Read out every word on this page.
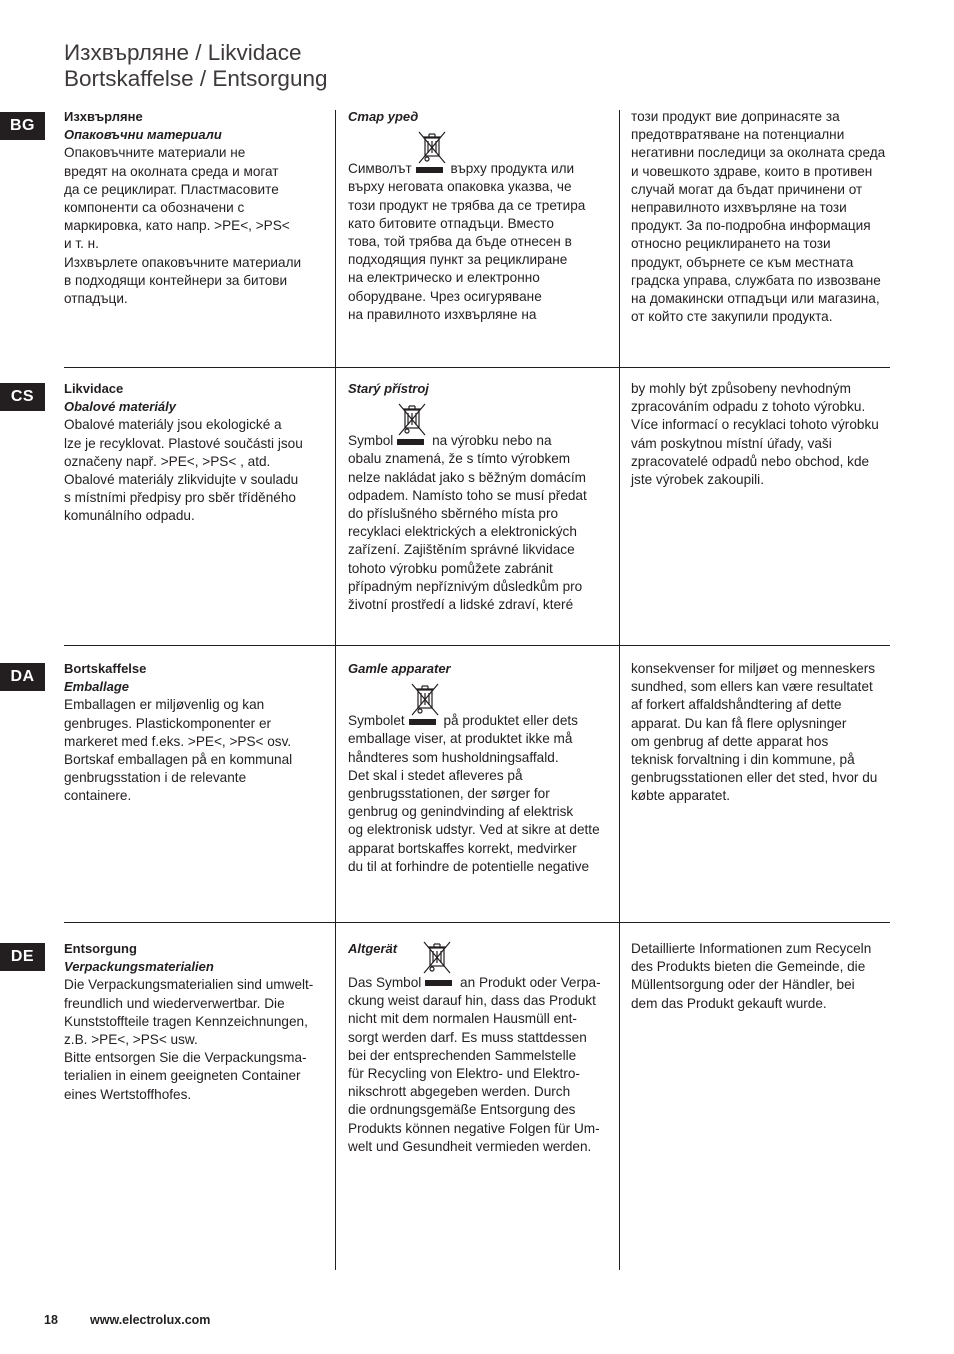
Изхвърляне / Likvidace
Bortskaffelse / Entsorgung
BG
Изхвърляне
Опаковъчни материали
Опаковъчните материали не
вредят на околната среда и могат
да се рециклират. Пластмасовите
компоненти са обозначени с
маркировка, като напр. >PE<, >PS<
и т. н.
Изхвърлете опаковъчните материали
в подходящи контейнери за битови
отпадъци.
Стар уред
Символът	върху продукта или
върху неговата опаковка указва, че
този продукт не трябва да се третира
като битовите отпадъци. Вместо
това, той трябва да бъде отнесен в
подходящия пункт за рециклиране
на електрическо и електронно
оборудване. Чрез осигуряване
на правилното изхвърляне на
този продукт вие допринасяте за
предотвратяване на потенциални
негативни последици за околната среда
и човешкото здраве, които в противен
случай могат да бъдат причинени от
неправилното изхвърляне на този
продукт. За по-подробна информация
относно рециклирането на този
продукт, обърнете се към местната
градска управа, службата по извозване
на домакински отпадъци или магазина,
от който сте закупили продукта.
CS	Likvidace
Obalové materiály
Obalové materiály jsou ekologické a
lze je recyklovat. Plastové součásti jsou
označeny např. >PE<, >PS< , atd.
Obalové materiály zlikvidujte v souladu
s místními předpisy pro sběr tříděného
komunálního odpadu.
Starý přístroj
Symbol	na výrobku nebo na
obalu znamená, že s tímto výrobkem
nelze nakládat jako s běžným domácím
odpadem. Namísto toho se musí předat
do příslušného sběrného místa pro
recyklaci elektrických a elektronických
zařízení. Zajištěním správné likvidace
tohoto výrobku pomůžete zabránit
případným nepříznivým důsledkům pro
životní prostředí a lidské zdraví, které
by mohly být způsobeny nevhodným
zpracováním odpadu z tohoto výrobku.
Více informací o recyklaci tohoto výrobku
vám poskytnou místní úřady, vaši
zpracovatelé odpadů nebo obchod, kde
jste výrobek zakoupili.
DA	Bortskaffelse
Emballage
Emballagen er miljøvenlig og kan
genbruges. Plastickomponenter er
markeret med f.eks. >PE<, >PS< osv.
Bortskaf emballagen på en kommunal
genbrugsstation i de relevante
containere.
Gamle apparater
Symbolet	på produktet eller dets
emballage viser, at produktet ikke må
håndteres som husholdningsaffald.
Det skal i stedet afleveres på
genbrugsstationen, der sørger for
genbrug og genindvinding af elektrisk
og elektronisk udstyr. Ved at sikre at dette
apparat bortskaffes korrekt, medvirker
du til at forhindre de potentielle negative
konsekvenser for miljøet og menneskers
sundhed, som ellers kan være resultatet
af forkert affaldshåndtering af dette
apparat. Du kan få flere oplysninger
om genbrug af dette apparat hos
teknisk forvaltning i din kommune, på
genbrugsstationen eller det sted, hvor du
købte apparatet.
DE	Entsorgung
Verpackungsmaterialien
Die Verpackungsmaterialien sind umwelt-
freundlich und wiederverwertbar. Die
Kunststoffteile tragen Kennzeichnungen,
z.B. >PE<, >PS< usw.
Bitte entsorgen Sie die Verpackungsma-
terialien in einem geeigneten Container
eines Wertstoffhofes.
Altgerät
Das Symbol	an Produkt oder Verpa-
ckung weist darauf hin, dass das Produkt
nicht mit dem normalen Hausmüll ent-
sorgt werden darf. Es muss stattdessen
bei der entsprechenden Sammelstelle
für Recycling von Elektro- und Elektro-
nikschrott abgegeben werden. Durch
die ordnungsgemäße Entsorgung des
Produkts können negative Folgen für Um-
welt und Gesundheit vermieden werden.
Detaillierte Informationen zum Recyceln
des Produkts bieten die Gemeinde, die
Müllentsorgung oder der Händler, bei
dem das Produkt gekauft wurde.
18	www.electrolux.com
